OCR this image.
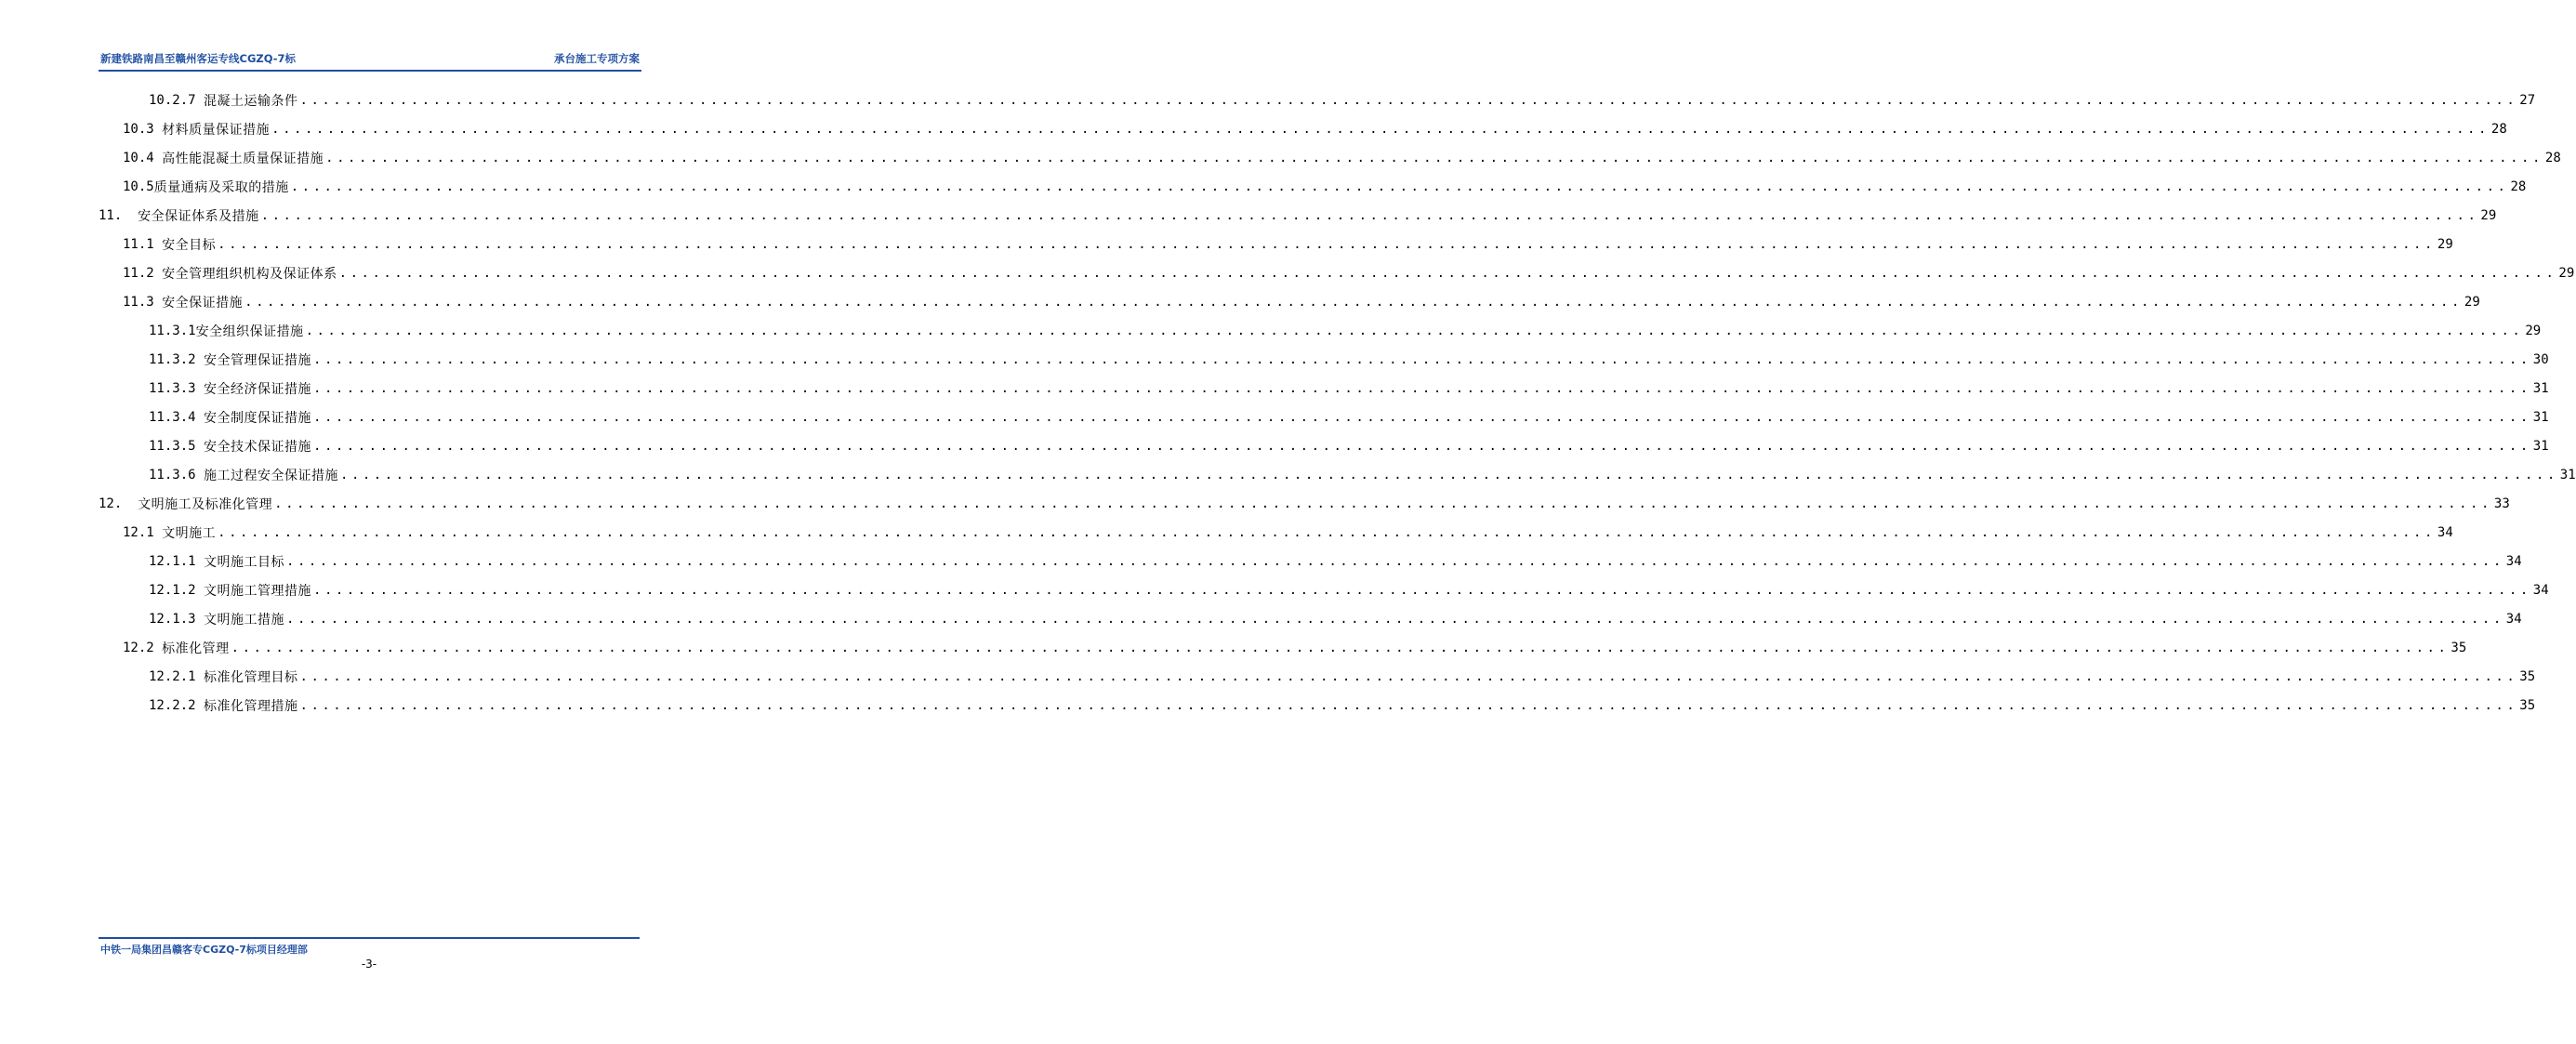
新建铁路南昌至赣州客运专线CGZQ-7标	承台施工专项方案
10.2.7 混凝土运输条件 ........................................................................................................................................................................................................ 27
10.3 材料质量保证措施 ........................................................................................................................................................................................................ 28
10.4 高性能混凝土质量保证措施 ........................................................................................................................................................................................................ 28
10.5 质量通病及采取的措施 ........................................................................................................................................................................................................ 28
11. 安全保证体系及措施 ........................................................................................................................................................................................................ 29
11.1 安全目标 ........................................................................................................................................................................................................ 29
11.2 安全管理组织机构及保证体系 ........................................................................................................................................................................................................ 29
11.3 安全保证措施 ........................................................................................................................................................................................................ 29
11.3.1 安全组织保证措施 ........................................................................................................................................................................................................ 29
11.3.2 安全管理保证措施 ........................................................................................................................................................................................................ 30
11.3.3 安全经济保证措施 ........................................................................................................................................................................................................ 31
11.3.4 安全制度保证措施 ........................................................................................................................................................................................................ 31
11.3.5 安全技术保证措施 ........................................................................................................................................................................................................ 31
11.3.6 施工过程安全保证措施 ........................................................................................................................................................................................................ 31
12. 文明施工及标准化管理 ........................................................................................................................................................................................................ 33
12.1 文明施工 ........................................................................................................................................................................................................ 34
12.1.1 文明施工目标 ........................................................................................................................................................................................................ 34
12.1.2 文明施工管理措施 ........................................................................................................................................................................................................ 34
12.1.3 文明施工措施 ........................................................................................................................................................................................................ 34
12.2 标准化管理 ........................................................................................................................................................................................................ 35
12.2.1 标准化管理目标 ........................................................................................................................................................................................................ 35
12.2.2 标准化管理措施 ........................................................................................................................................................................................................ 35
中铁一局集团昌赣客专CGZQ-7标项目经理部
-3-
